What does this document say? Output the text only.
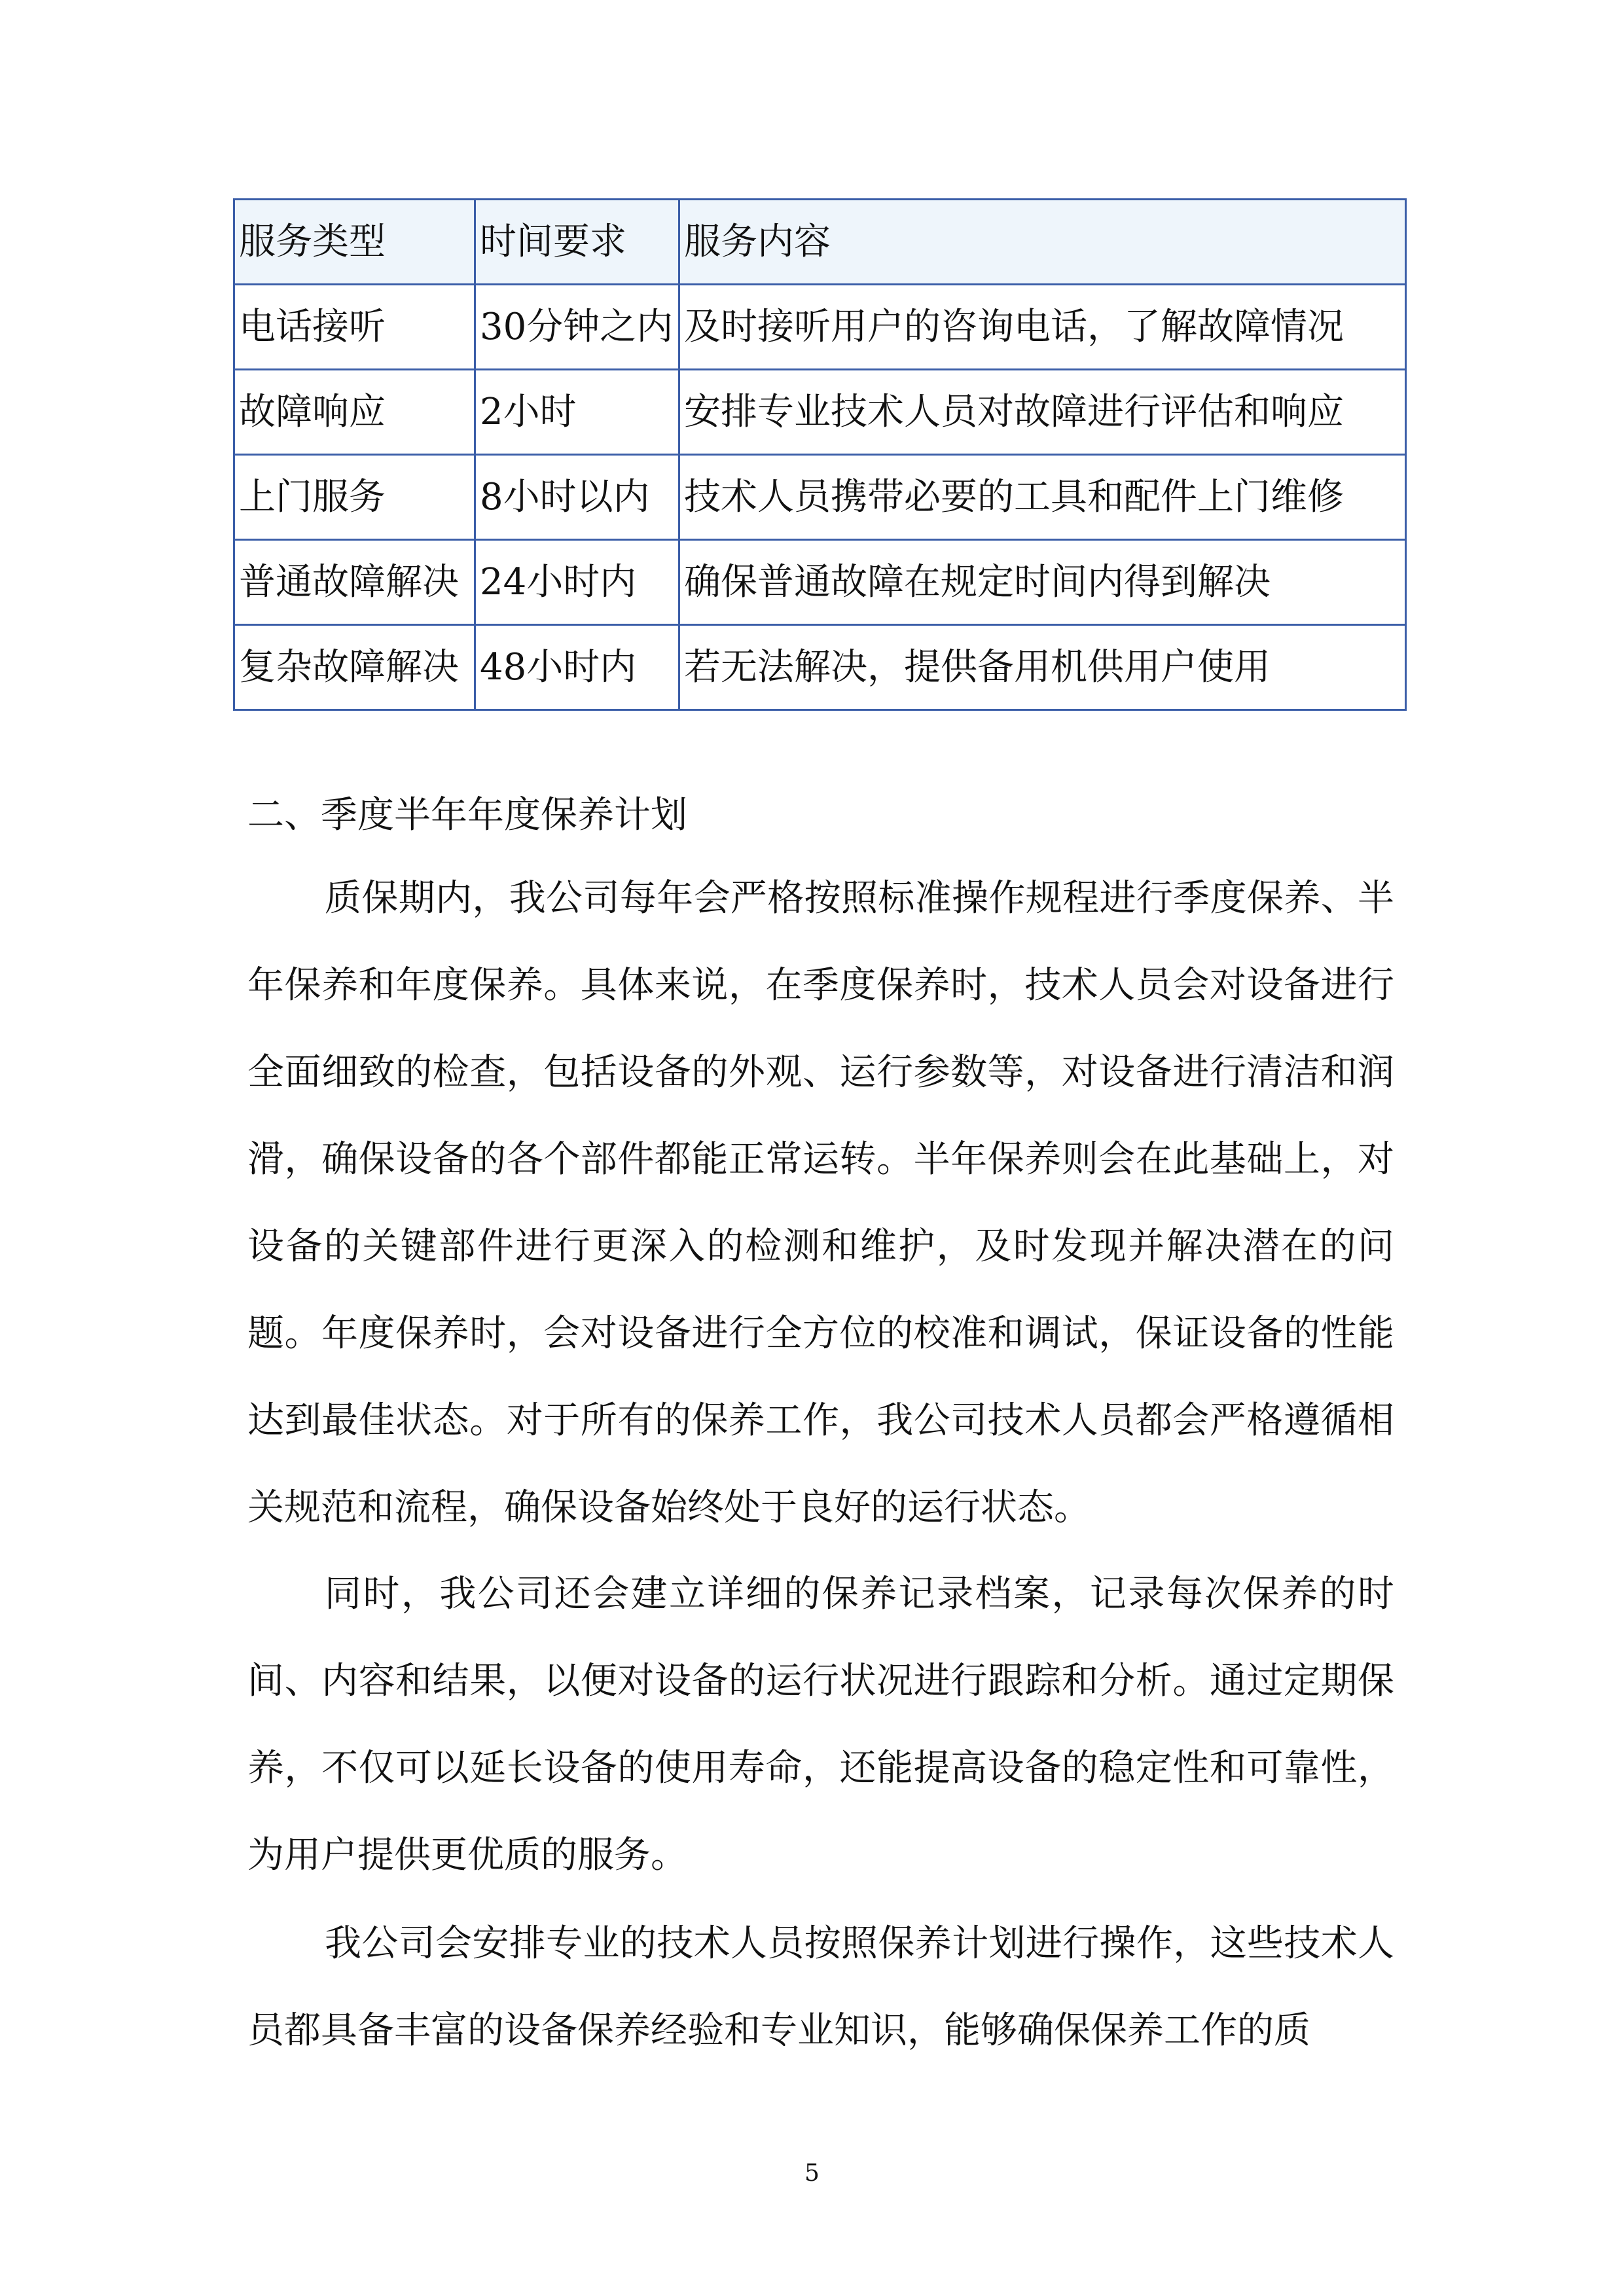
服务类型	时间要求	服务内容
电话接听	30分钟之内	及时接听用户的咨询电话，了解故障情况
故障响应	2小时	安排专业技术人员对故障进行评估和响应
上门服务	8小时以内	技术人员携带必要的工具和配件上门维修
普通故障解决	24小时内	确保普通故障在规定时间内得到解决
复杂故障解决	48小时内	若无法解决，提供备用机供用户使用
二、季度半年年度保养计划

质保期内，我公司每年会严格按照标准操作规程进行季度保养、半年保养和年度保养。具体来说，在季度保养时，技术人员会对设备进行全面细致的检查，包括设备的外观、运行参数等，对设备进行清洁和润滑，确保设备的各个部件都能正常运转。半年保养则会在此基础上，对设备的关键部件进行更深入的检测和维护，及时发现并解决潜在的问题。年度保养时，会对设备进行全方位的校准和调试，保证设备的性能达到最佳状态。对于所有的保养工作，我公司技术人员都会严格遵循相关规范和流程，确保设备始终处于良好的运行状态。

同时，我公司还会建立详细的保养记录档案，记录每次保养的时间、内容和结果，以便对设备的运行状况进行跟踪和分析。通过定期保养，不仅可以延长设备的使用寿命，还能提高设备的稳定性和可靠性，为用户提供更优质的服务。

我公司会安排专业的技术人员按照保养计划进行操作，这些技术人员都具备丰富的设备保养经验和专业知识，能够确保保养工作的质

5
